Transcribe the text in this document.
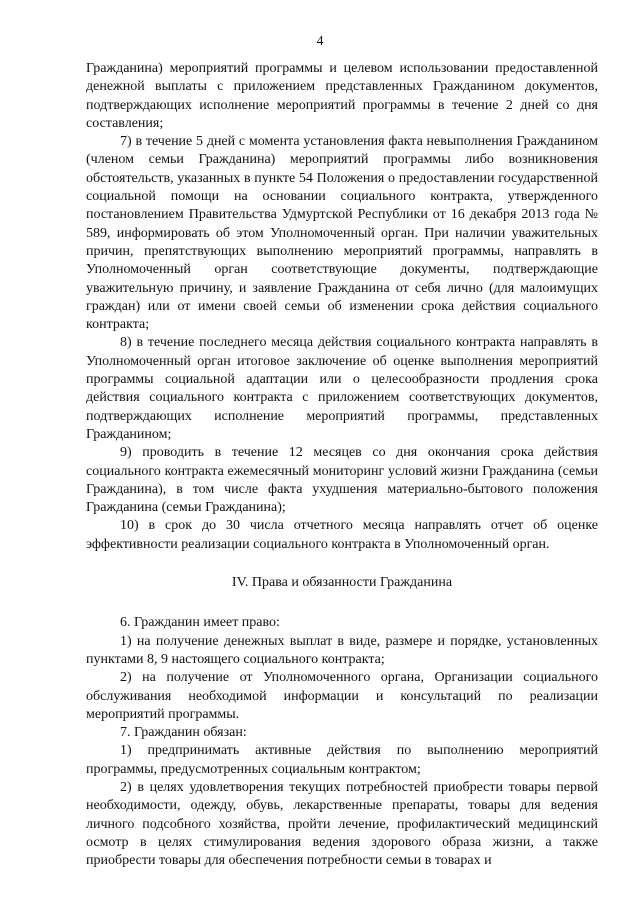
4

Гражданина) мероприятий программы и целевом использовании предоставленной денежной выплаты с приложением представленных Гражданином документов, подтверждающих исполнение мероприятий программы в течение 2 дней со дня составления;

7) в течение 5 дней с момента установления факта невыполнения Гражданином (членом семьи Гражданина) мероприятий программы либо возникновения обстоятельств, указанных в пункте 54 Положения о предоставлении государственной социальной помощи на основании социального контракта, утвержденного постановлением Правительства Удмуртской Республики от 16 декабря 2013 года № 589, информировать об этом Уполномоченный орган. При наличии уважительных причин, препятствующих выполнению мероприятий программы, направлять в Уполномоченный орган соответствующие документы, подтверждающие уважительную причину, и заявление Гражданина от себя лично (для малоимущих граждан) или от имени своей семьи об изменении срока действия социального контракта;

8) в течение последнего месяца действия социального контракта направлять в Уполномоченный орган итоговое заключение об оценке выполнения мероприятий программы социальной адаптации или о целесообразности продления срока действия социального контракта с приложением соответствующих документов, подтверждающих исполнение мероприятий программы, представленных Гражданином;

9) проводить в течение 12 месяцев со дня окончания срока действия социального контракта ежемесячный мониторинг условий жизни Гражданина (семьи Гражданина), в том числе факта ухудшения материально-бытового положения Гражданина (семьи Гражданина);

10) в срок до 30 числа отчетного месяца направлять отчет об оценке эффективности реализации социального контракта в Уполномоченный орган.

IV. Права и обязанности Гражданина

6. Гражданин имеет право:

1) на получение денежных выплат в виде, размере и порядке, установленных пунктами 8, 9 настоящего социального контракта;

2) на получение от Уполномоченного органа, Организации социального обслуживания необходимой информации и консультаций по реализации мероприятий программы.

7. Гражданин обязан:

1) предпринимать активные действия по выполнению мероприятий программы, предусмотренных социальным контрактом;

2) в целях удовлетворения текущих потребностей приобрести товары первой необходимости, одежду, обувь, лекарственные препараты, товары для ведения личного подсобного хозяйства, пройти лечение, профилактический медицинский осмотр в целях стимулирования ведения здорового образа жизни, а также приобрести товары для обеспечения потребности семьи в товарах и
